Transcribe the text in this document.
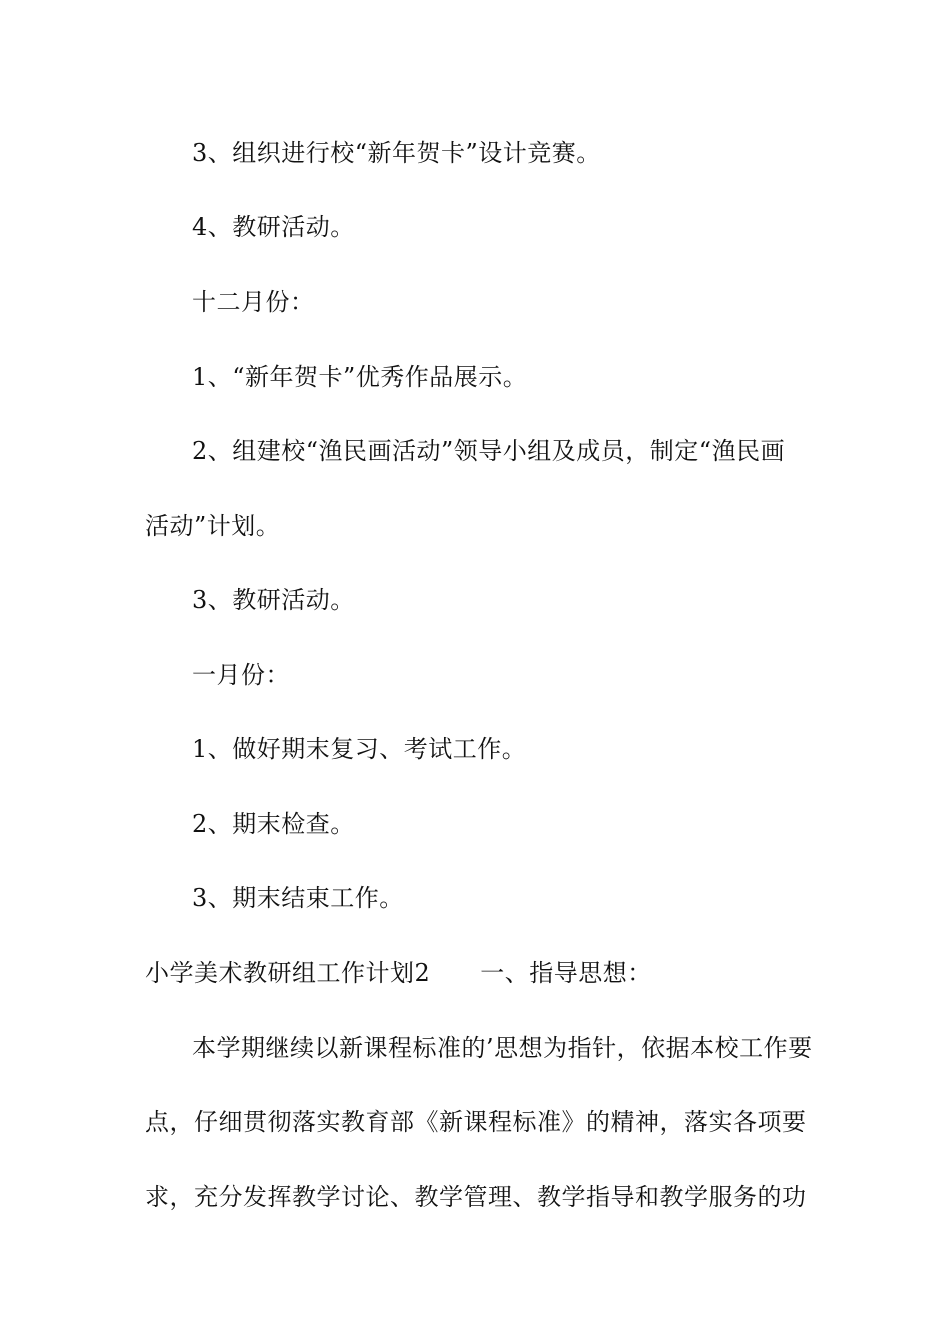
3、组织进行校“新年贺卡”设计竞赛。
4、教研活动。
十二月份：
1、“新年贺卡”优秀作品展示。
2、组建校“渔民画活动”领导小组及成员，制定“渔民画
活动”计划。
3、教研活动。
一月份：
1、做好期末复习、考试工作。
2、期末检查。
3、期末结束工作。
小学美术教研组工作计划2 一、指导思想：
本学期继续以新课程标准的’思想为指针，依据本校工作要
点，仔细贯彻落实教育部《新课程标准》的精神，落实各项要
求，充分发挥教学讨论、教学管理、教学指导和教学服务的功
